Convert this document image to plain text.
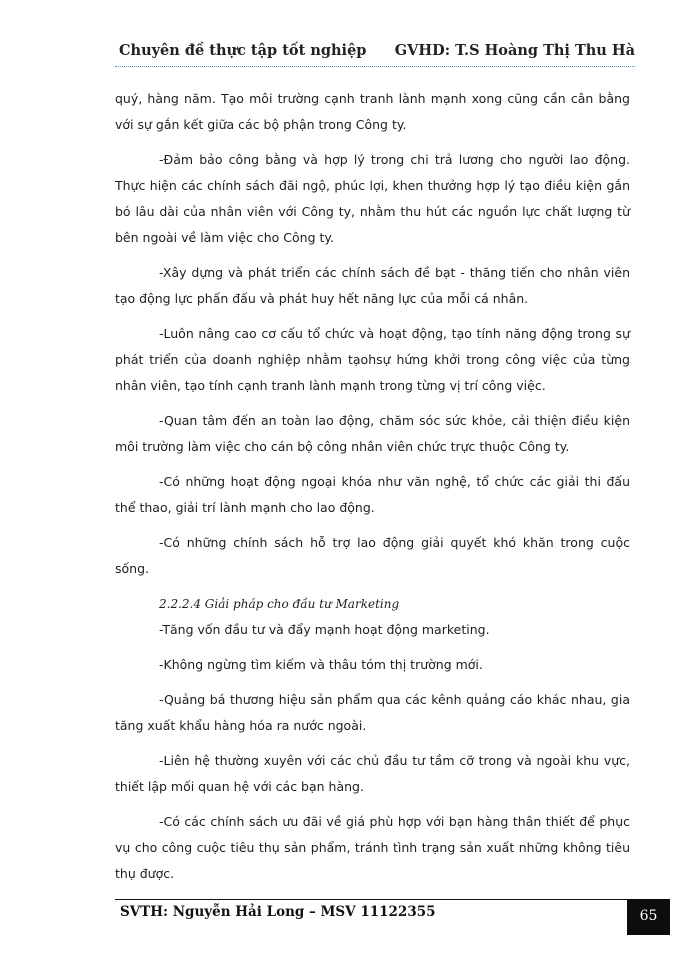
Chuyên đề thực tập tốt nghiệp GVHD: T.S Hoàng Thị Thu Hà

quý, hàng năm. Tạo môi trường cạnh tranh lành mạnh xong cũng cần cân bằng với sự gắn kết giữa các bộ phận trong Công ty.

-Đảm bảo công bằng và hợp lý trong chi trả lương cho người lao động. Thực hiện các chính sách đãi ngộ, phúc lợi, khen thưởng hợp lý tạo điều kiện gắn bó lâu dài của nhân viên với Công ty, nhằm thu hút các nguồn lực chất lượng từ bên ngoài về làm việc cho Công ty.

-Xây dựng và phát triển các chính sách đề bạt - thăng tiến cho nhân viên tạo động lực phấn đấu và phát huy hết năng lực của mỗi cá nhân.

-Luôn nâng cao cơ cấu tổ chức và hoạt động, tạo tính năng động trong sự phát triển của doanh nghiệp nhằm tạohsự hứng khởi trong công việc của từng nhân viên, tạo tính cạnh tranh lành mạnh trong từng vị trí công việc.

-Quan tâm đến an toàn lao động, chăm sóc sức khỏe, cải thiện điều kiện môi trường làm việc cho cán bộ công nhân viên chức trực thuộc Công ty.

-Có những hoạt động ngoại khóa như văn nghệ, tổ chức các giải thi đấu thể thao, giải trí lành mạnh cho lao động.

-Có những chính sách hỗ trợ lao động giải quyết khó khăn trong cuộc sống.

2.2.2.4 Giải pháp cho đầu tư Marketing

-Tăng vốn đầu tư và đẩy mạnh hoạt động marketing.

-Không ngừng tìm kiếm và thâu tóm thị trường mới.

-Quảng bá thương hiệu sản phẩm qua các kênh quảng cáo khác nhau, gia tăng xuất khẩu hàng hóa ra nước ngoài.

-Liên hệ thường xuyên với các chủ đầu tư tầm cỡ trong và ngoài khu vực, thiết lập mối quan hệ với các bạn hàng.

-Có các chính sách ưu đãi về giá phù hợp với bạn hàng thân thiết để phục vụ cho công cuộc tiêu thụ sản phẩm, tránh tình trạng sản xuất những không tiêu thụ được.

SVTH: Nguyễn Hải Long – MSV 11122355	65
